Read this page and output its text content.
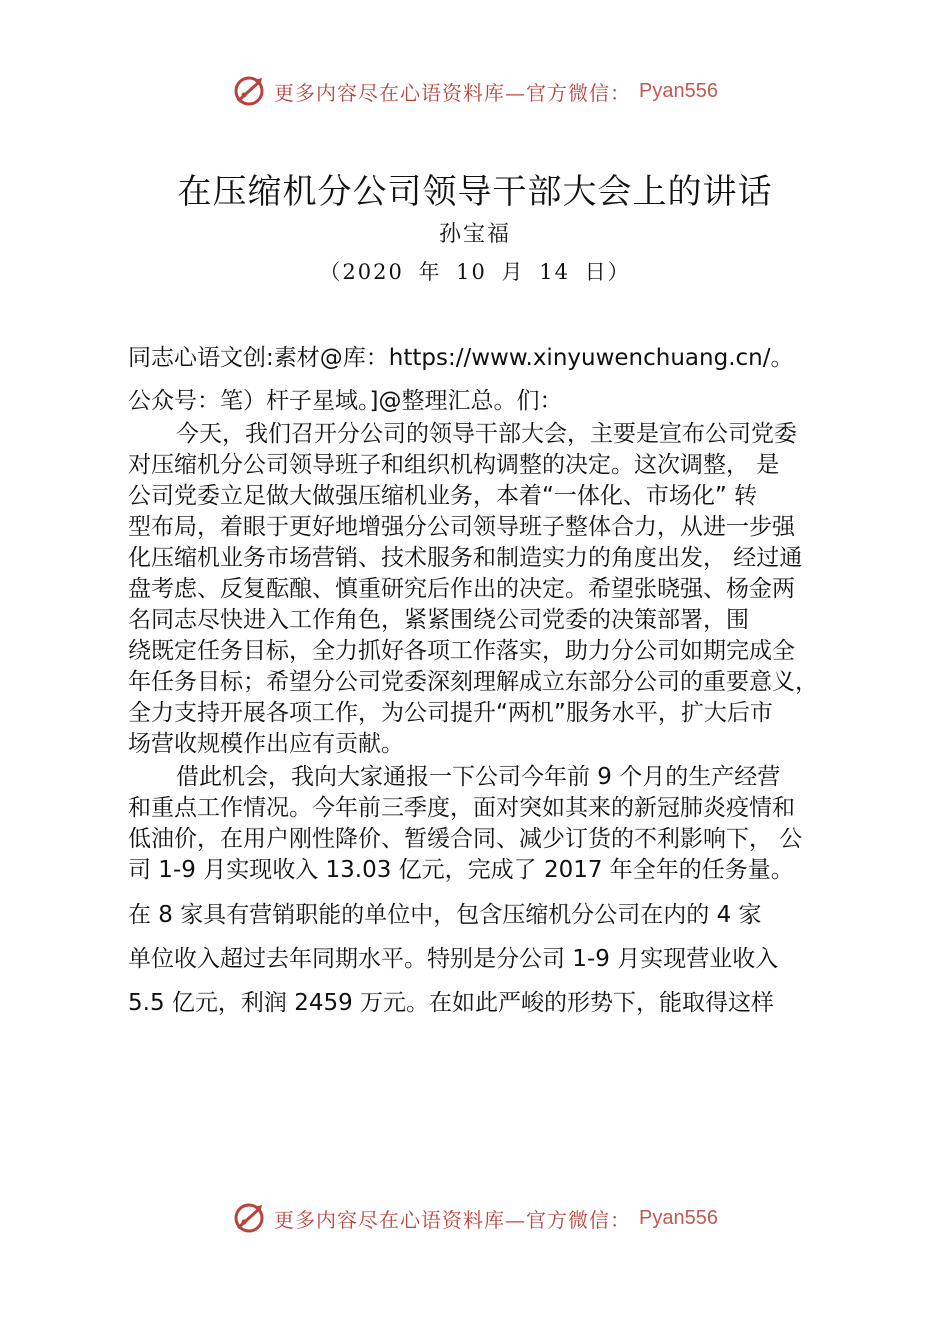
更多内容尽在心语资料库—官方微信： Pyan556
在压缩机分公司领导干部大会上的讲话
孙宝福
（2020 年 10 月 14 日）
同志心语文创:素材@库：https://www.xinyuwenchuang.cn/。
公众号：笔）杆子星域。]@整理汇总。们：
今天，我们召开分公司的领导干部大会，主要是宣布公司党委
对压缩机分公司领导班子和组织机构调整的决定。这次调整， 是
公司党委立足做大做强压缩机业务，本着“一体化、市场化” 转
型布局，着眼于更好地增强分公司领导班子整体合力，从进一步强
化压缩机业务市场营销、技术服务和制造实力的角度出发， 经过通
盘考虑、反复酝酿、慎重研究后作出的决定。希望张晓强、杨金两
名同志尽快进入工作角色，紧紧围绕公司党委的决策部署，围
绕既定任务目标，全力抓好各项工作落实，助力分公司如期完成全
年任务目标；希望分公司党委深刻理解成立东部分公司的重要意义，
全力支持开展各项工作，为公司提升“两机”服务水平，扩大后市
场营收规模作出应有贡献。
借此机会，我向大家通报一下公司今年前 9 个月的生产经营
和重点工作情况。今年前三季度，面对突如其来的新冠肺炎疫情和
低油价，在用户刚性降价、暂缓合同、减少订货的不利影响下， 公
司 1-9 月实现收入 13.03 亿元，完成了 2017 年全年的任务量。
在 8 家具有营销职能的单位中，包含压缩机分公司在内的 4 家
单位收入超过去年同期水平。特别是分公司 1-9 月实现营业收入
5.5 亿元，利润 2459 万元。在如此严峻的形势下，能取得这样
更多内容尽在心语资料库—官方微信： Pyan556
